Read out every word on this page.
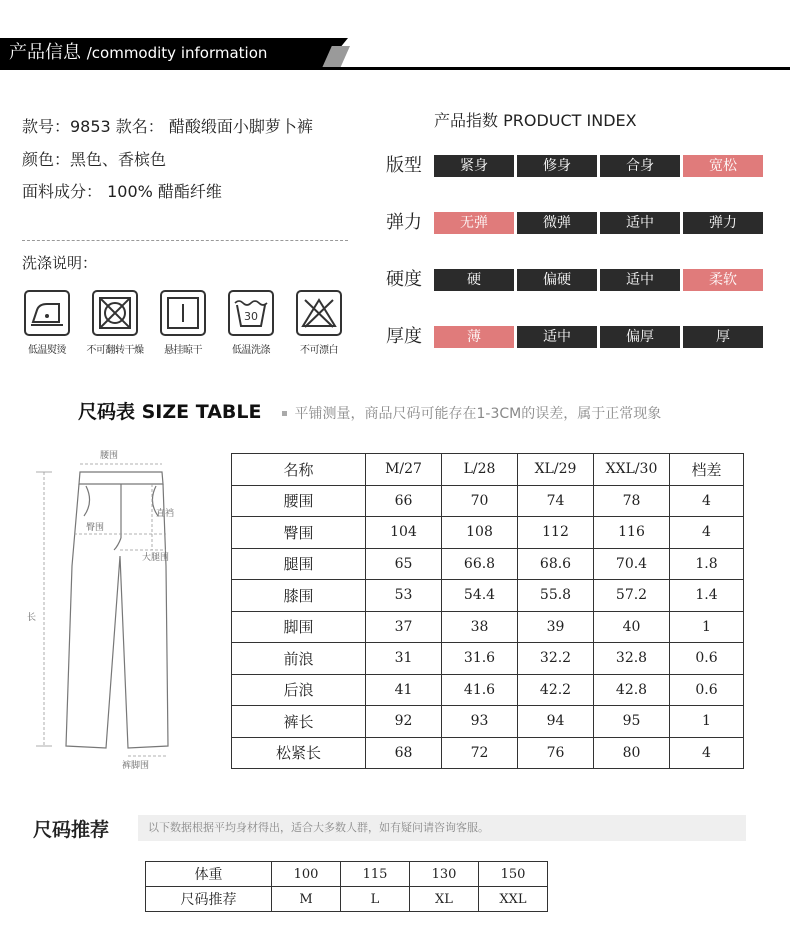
产品信息 /commodity information
款号：9853 款名： 醋酸缎面小脚萝卜裤
颜色：黑色、香槟色
面料成分： 100% 醋酯纤维
洗涤说明：
低温熨烫	不可翻转干燥	悬挂晾干
30
低温洗涤	不可漂白
产品指数 PRODUCT INDEX
版型	紧身	修身	合身	宽松
弹力	无弹	微弹	适中	弹力
硬度	硬	偏硬	适中	柔软
厚度	薄	适中	偏厚	厚
尺码表 SIZE TABLE 平铺测量，商品尺码可能存在1-3CM的误差，属于正常现象
腰围
臀围
直裆
大腿围
长
裤脚围
名称	M/27	L/28	XL/29	XXL/30	档差
腰围	66	70	74	78	4
臀围	104	108	112	116	4
腿围	65	66.8	68.6	70.4	1.8
膝围	53	54.4	55.8	57.2	1.4
脚围	37	38	39	40	1
前浪	31	31.6	32.2	32.8	0.6
后浪	41	41.6	42.2	42.8	0.6
裤长	92	93	94	95	1
松紧长	68	72	76	80	4
尺码推荐	以下数据根据平均身材得出，适合大多数人群，如有疑问请咨询客服。
体重	100	115	130	150
尺码推荐	M	L	XL	XXL
